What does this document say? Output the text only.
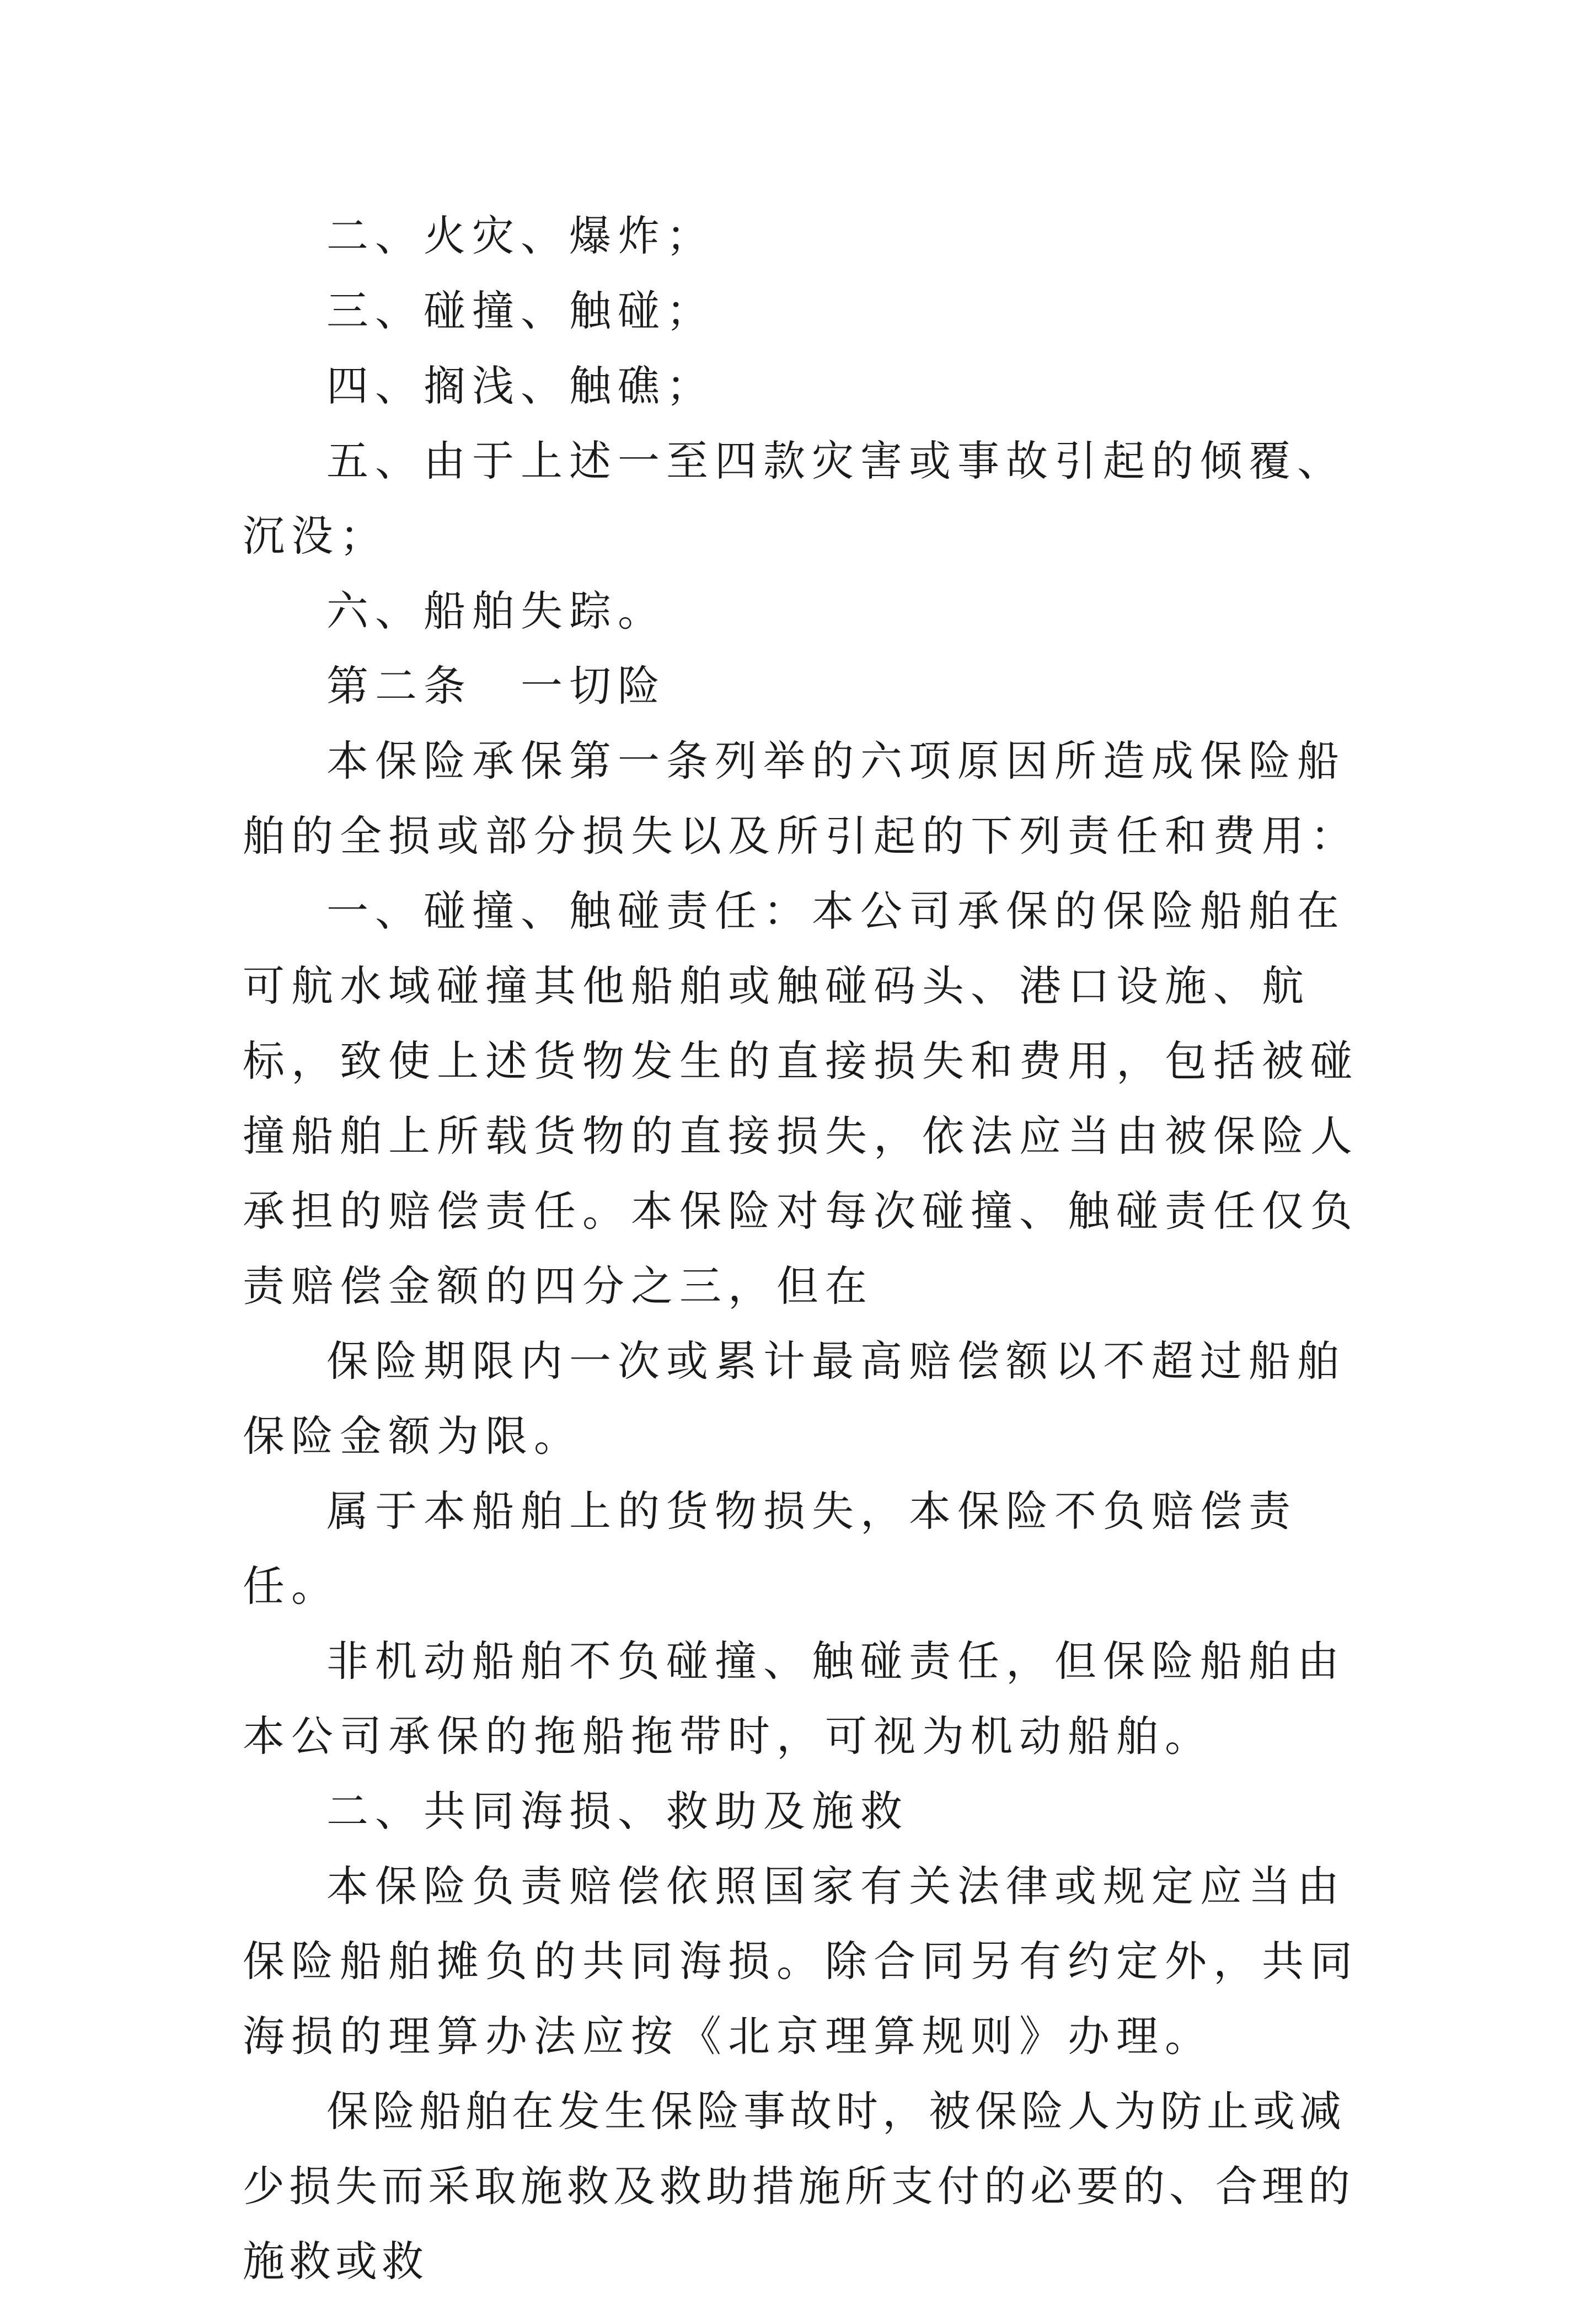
二、火灾、爆炸；

三、碰撞、触碰；

四、搁浅、触礁；

五、由于上述一至四款灾害或事故引起的倾覆、沉没；

六、船舶失踪。

第二条　一切险

本保险承保第一条列举的六项原因所造成保险船舶的全损或部分损失以及所引起的下列责任和费用：

一、碰撞、触碰责任：本公司承保的保险船舶在可航水域碰撞其他船舶或触碰码头、港口设施、航标，致使上述货物发生的直接损失和费用，包括被碰撞船舶上所载货物的直接损失，依法应当由被保险人承担的赔偿责任。本保险对每次碰撞、触碰责任仅负责赔偿金额的四分之三，但在

保险期限内一次或累计最高赔偿额以不超过船舶保险金额为限。

属于本船舶上的货物损失，本保险不负赔偿责任。

非机动船舶不负碰撞、触碰责任，但保险船舶由本公司承保的拖船拖带时，可视为机动船舶。

二、共同海损、救助及施救

本保险负责赔偿依照国家有关法律或规定应当由保险船舶摊负的共同海损。除合同另有约定外，共同海损的理算办法应按《北京理算规则》办理。

保险船舶在发生保险事故时，被保险人为防止或减少损失而采取施救及救助措施所支付的必要的、合理的施救或救
